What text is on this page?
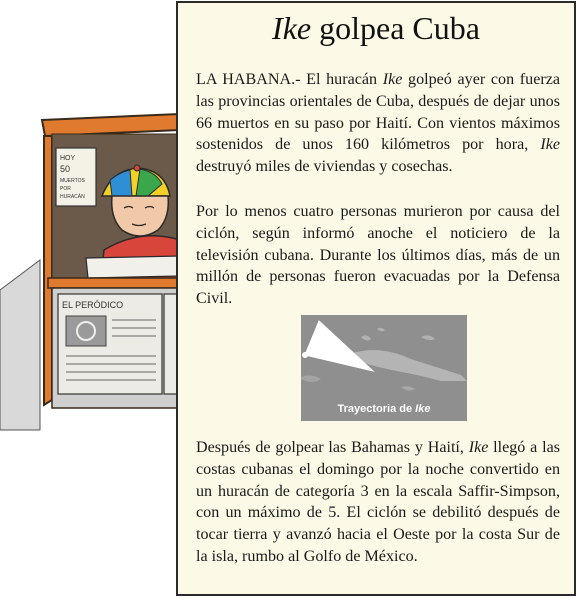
HOY
50
MUERTOS
POR
HURACÁN
EL PERÓDICO
Ike golpea Cuba

LA HABANA.- El huracán Ike golpeó ayer con fuerza las provincias orientales de Cuba, después de dejar unos 66 muertos en su paso por Haití. Con vientos máximos sostenidos de unos 160 kilómetros por hora, Ike destruyó miles de viviendas y cosechas.

Por lo menos cuatro personas murieron por causa del ciclón, según informó anoche el noticiero de la televisión cubana. Durante los últimos días, más de un millón de personas fueron evacuadas por la Defensa Civil.

Trayectoria de Ike

Después de golpear las Bahamas y Haití, Ike llegó a las costas cubanas el domingo por la noche convertido en un huracán de categoría 3 en la escala Saffir-Simpson, con un máximo de 5. El ciclón se debilitó después de tocar tierra y avanzó hacia el Oeste por la costa Sur de la isla, rumbo al Golfo de México.
